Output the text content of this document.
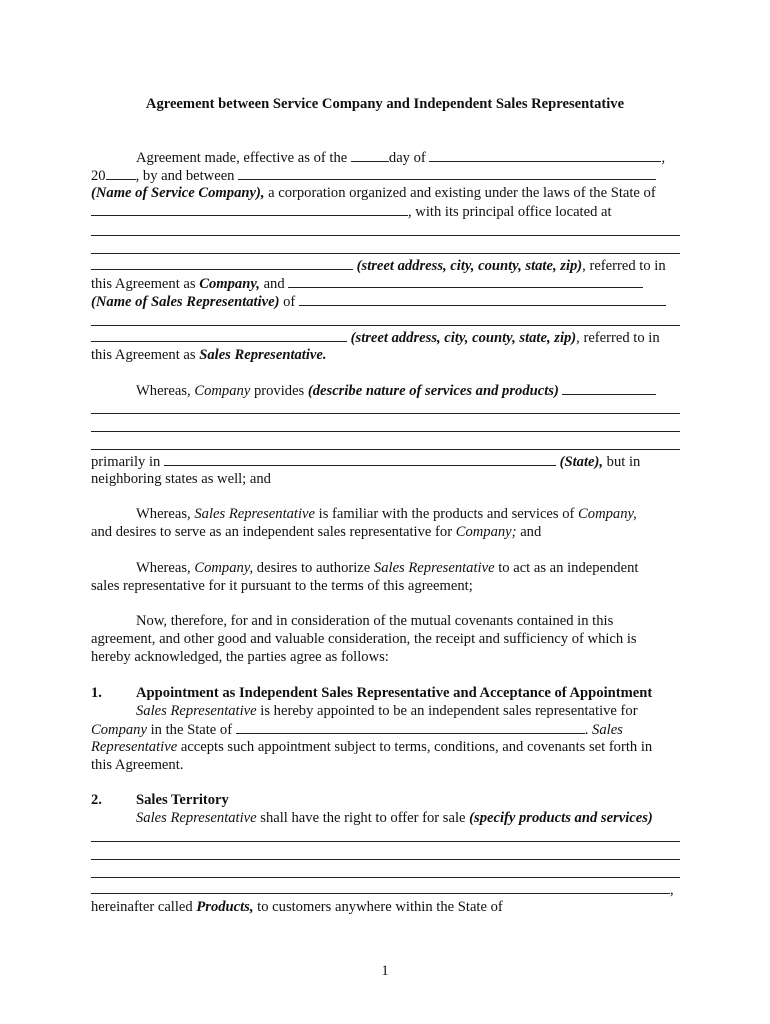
Agreement between Service Company and Independent Sales Representative
Agreement made, effective as of the	day of	,
20 , by and between
(Name of Service Company), a corporation organized and existing under the laws of the State of
, with its principal office located at
(street address, city, county, state, zip), referred to in
this Agreement as Company, and
(Name of Sales Representative) of
(street address, city, county, state, zip), referred to in
this Agreement as Sales Representative.
Whereas, Company provides (describe nature of services and products)
primarily in	(State), but in
neighboring states as well; and
Whereas, Sales Representative is familiar with the products and services of Company,
and desires to serve as an independent sales representative for Company; and
Whereas, Company, desires to authorize Sales Representative to act as an independent
sales representative for it pursuant to the terms of this agreement;
Now, therefore, for and in consideration of the mutual covenants contained in this
agreement, and other good and valuable consideration, the receipt and sufficiency of which is
hereby acknowledged, the parties agree as follows:
1. Appointment as Independent Sales Representative and Acceptance of Appointment
Sales Representative is hereby appointed to be an independent sales representative for
Company in the State of	. Sales
Representative accepts such appointment subject to terms, conditions, and covenants set forth in
this Agreement.
2. Sales Territory
Sales Representative shall have the right to offer for sale (specify products and services)
,
hereinafter called Products, to customers anywhere within the State of
1
